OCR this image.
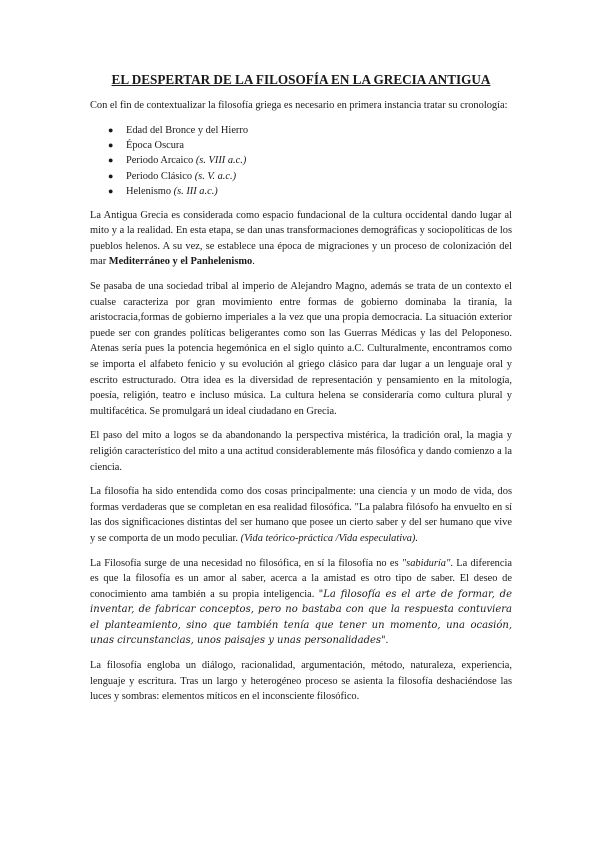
EL DESPERTAR DE LA FILOSOFÍA EN LA GRECIA ANTIGUA

Con el fin de contextualizar la filosofía griega es necesario en primera instancia tratar su cronología:

● Edad del Bronce y del Hierro
● Época Oscura
● Periodo Arcaico (s. VIII a.c.)
● Periodo Clásico (s. V. a.c.)
● Helenismo (s. III a.c.)

La Antigua Grecia es considerada como espacio fundacional de la cultura occidental dando lugar al mito y a la realidad. En esta etapa, se dan unas transformaciones demográficas y sociopolíticas de los pueblos helenos. A su vez, se establece una época de migraciones y un proceso de colonización del mar Mediterráneo y el Panhelenismo.

Se pasaba de una sociedad tribal al imperio de Alejandro Magno, además se trata de un contexto el cualse caracteriza por gran movimiento entre formas de gobierno dominaba la tiranía, la aristocracia,formas de gobierno imperiales a la vez que una propia democracia. La situación exterior puede ser con grandes políticas beligerantes como son las Guerras Médicas y las del Peloponeso. Atenas sería pues la potencia hegemónica en el siglo quinto a.C. Culturalmente, encontramos como se importa el alfabeto fenicio y su evolución al griego clásico para dar lugar a un lenguaje oral y escrito estructurado. Otra idea es la diversidad de representación y pensamiento en la mitología, poesía, religión, teatro e incluso música. La cultura helena se consideraría como cultura plural y multifacética. Se promulgará un ideal ciudadano en Grecia.

El paso del mito a logos se da abandonando la perspectiva mistérica, la tradición oral, la magia y religión característico del mito a una actitud considerablemente más filosófica y dando comienzo a la ciencia.

La filosofía ha sido entendida como dos cosas principalmente: una ciencia y un modo de vida, dos formas verdaderas que se completan en esa realidad filosófica. "La palabra filósofo ha envuelto en sí las dos significaciones distintas del ser humano que posee un cierto saber y del ser humano que vive y se comporta de un modo peculiar. (Vida teórico-práctica /Vida especulativa).

La Filosofía surge de una necesidad no filosófica, en sí la filosofía no es "sabiduría". La diferencia es que la filosofía es un amor al saber, acerca a la amistad es otro tipo de saber. El deseo de conocimiento ama también a su propia inteligencia. "La filosofía es el arte de formar, de inventar, de fabricar conceptos, pero no bastaba con que la respuesta contuviera el planteamiento, sino que también tenía que tener un momento, una ocasión, unas circunstancias, unos paisajes y unas personalidades".

La filosofía engloba un diálogo, racionalidad, argumentación, método, naturaleza, experiencia, lenguaje y escritura. Tras un largo y heterogéneo proceso se asienta la filosofía deshaciéndose las luces y sombras: elementos míticos en el inconsciente filosófico.
